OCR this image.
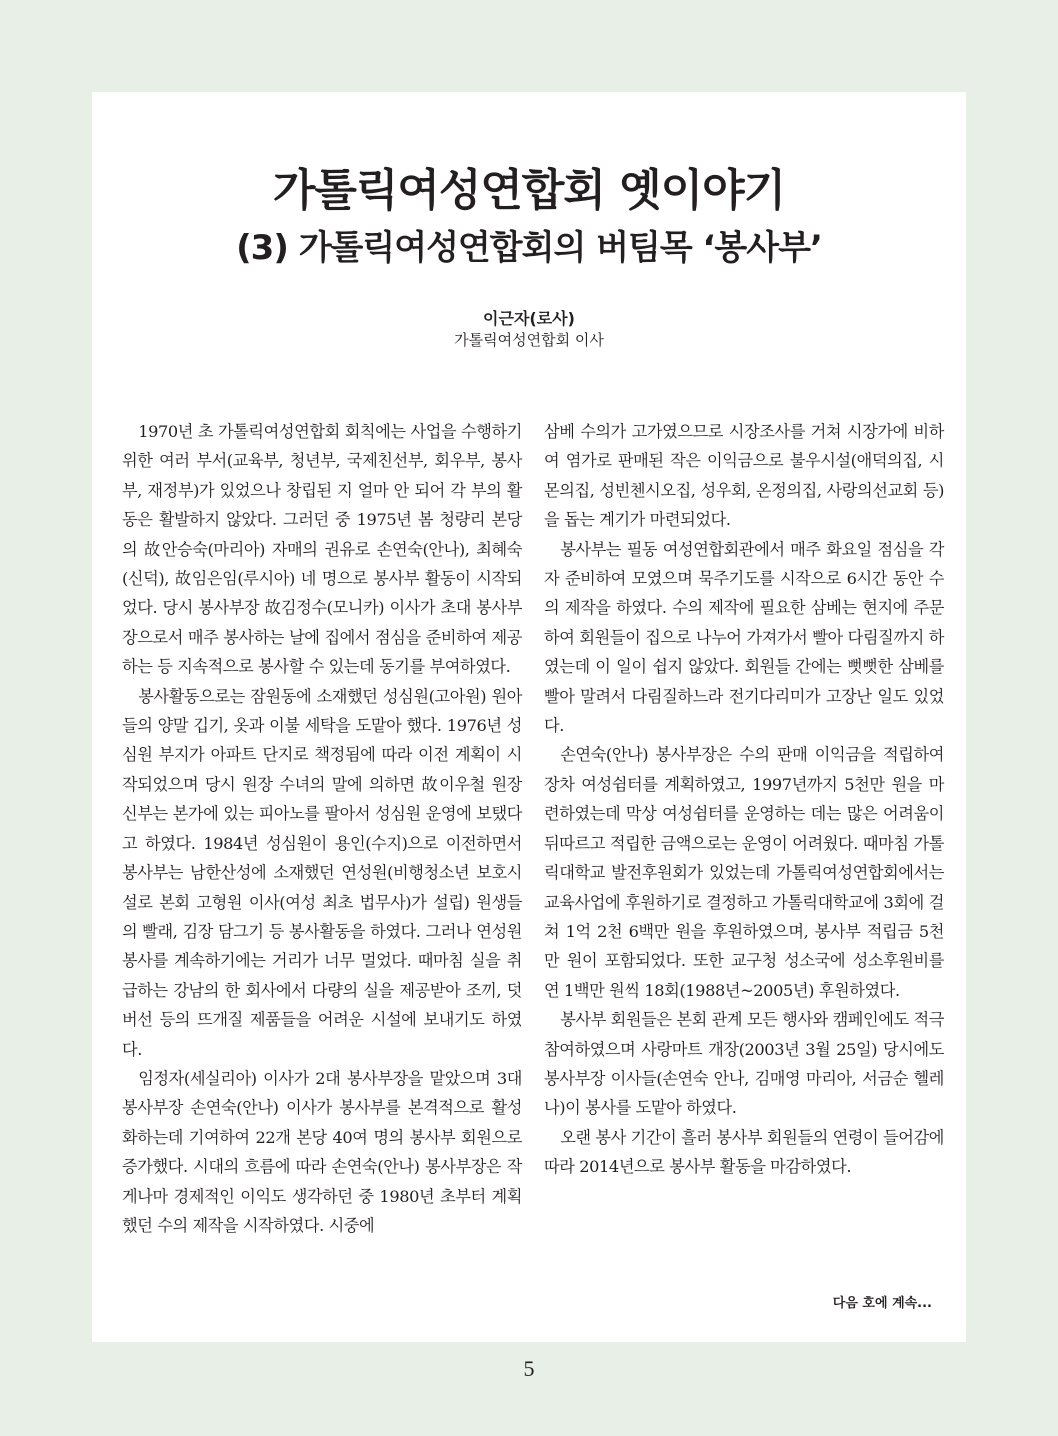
가톨릭여성연합회 옛이야기
(3) 가톨릭여성연합회의 버팀목 ‘봉사부’
이근자(로사)
가톨릭여성연합회 이사

1970년 초 가톨릭여성연합회 회칙에는 사업을 수행하기 위한 여러 부서(교육부, 청년부, 국제친선부, 회우부, 봉사부, 재정부)가 있었으나 창립된 지 얼마 안 되어 각 부의 활동은 활발하지 않았다. 그러던 중 1975년 봄 청량리 본당의 故안승숙(마리아) 자매의 권유로 손연숙(안나), 최혜숙(신덕), 故임은임(루시아) 네 명으로 봉사부 활동이 시작되었다. 당시 봉사부장 故김정수(모니카) 이사가 초대 봉사부장으로서 매주 봉사하는 날에 집에서 점심을 준비하여 제공하는 등 지속적으로 봉사할 수 있는데 동기를 부여하였다.

봉사활동으로는 잠원동에 소재했던 성심원(고아원) 원아들의 양말 깁기, 옷과 이불 세탁을 도맡아 했다. 1976년 성심원 부지가 아파트 단지로 책정됨에 따라 이전 계획이 시작되었으며 당시 원장 수녀의 말에 의하면 故이우철 원장 신부는 본가에 있는 피아노를 팔아서 성심원 운영에 보탰다고 하였다. 1984년 성심원이 용인(수지)으로 이전하면서 봉사부는 남한산성에 소재했던 연성원(비행청소년 보호시설로 본회 고형원 이사(여성 최초 법무사)가 설립) 원생들의 빨래, 김장 담그기 등 봉사활동을 하였다. 그러나 연성원 봉사를 계속하기에는 거리가 너무 멀었다. 때마침 실을 취급하는 강남의 한 회사에서 다량의 실을 제공받아 조끼, 덧버선 등의 뜨개질 제품들을 어려운 시설에 보내기도 하였다.

임정자(세실리아) 이사가 2대 봉사부장을 맡았으며 3대 봉사부장 손연숙(안나) 이사가 봉사부를 본격적으로 활성화하는데 기여하여 22개 본당 40여 명의 봉사부 회원으로 증가했다. 시대의 흐름에 따라 손연숙(안나) 봉사부장은 작게나마 경제적인 이익도 생각하던 중 1980년 초부터 계획했던 수의 제작을 시작하였다. 시중에

삼베 수의가 고가였으므로 시장조사를 거쳐 시장가에 비하여 염가로 판매된 작은 이익금으로 불우시설(애덕의집, 시몬의집, 성빈첸시오집, 성우회, 온정의집, 사랑의선교회 등)을 돕는 계기가 마련되었다.

봉사부는 필동 여성연합회관에서 매주 화요일 점심을 각자 준비하여 모였으며 묵주기도를 시작으로 6시간 동안 수의 제작을 하였다. 수의 제작에 필요한 삼베는 현지에 주문하여 회원들이 집으로 나누어 가져가서 빨아 다림질까지 하였는데 이 일이 쉽지 않았다. 회원들 간에는 뻣뻣한 삼베를 빨아 말려서 다림질하느라 전기다리미가 고장난 일도 있었다.

손연숙(안나) 봉사부장은 수의 판매 이익금을 적립하여 장차 여성쉼터를 계획하였고, 1997년까지 5천만 원을 마련하였는데 막상 여성쉼터를 운영하는 데는 많은 어려움이 뒤따르고 적립한 금액으로는 운영이 어려웠다. 때마침 가톨릭대학교 발전후원회가 있었는데 가톨릭여성연합회에서는 교육사업에 후원하기로 결정하고 가톨릭대학교에 3회에 걸쳐 1억 2천 6백만 원을 후원하였으며, 봉사부 적립금 5천만 원이 포함되었다. 또한 교구청 성소국에 성소후원비를 연 1백만 원씩 18회(1988년~2005년) 후원하였다.

봉사부 회원들은 본회 관계 모든 행사와 캠페인에도 적극 참여하였으며 사랑마트 개장(2003년 3월 25일) 당시에도 봉사부장 이사들(손연숙 안나, 김매영 마리아, 서금순 헬레나)이 봉사를 도맡아 하였다.

오랜 봉사 기간이 흘러 봉사부 회원들의 연령이 들어감에 따라 2014년으로 봉사부 활동을 마감하였다.

다음 호에 계속...
5
